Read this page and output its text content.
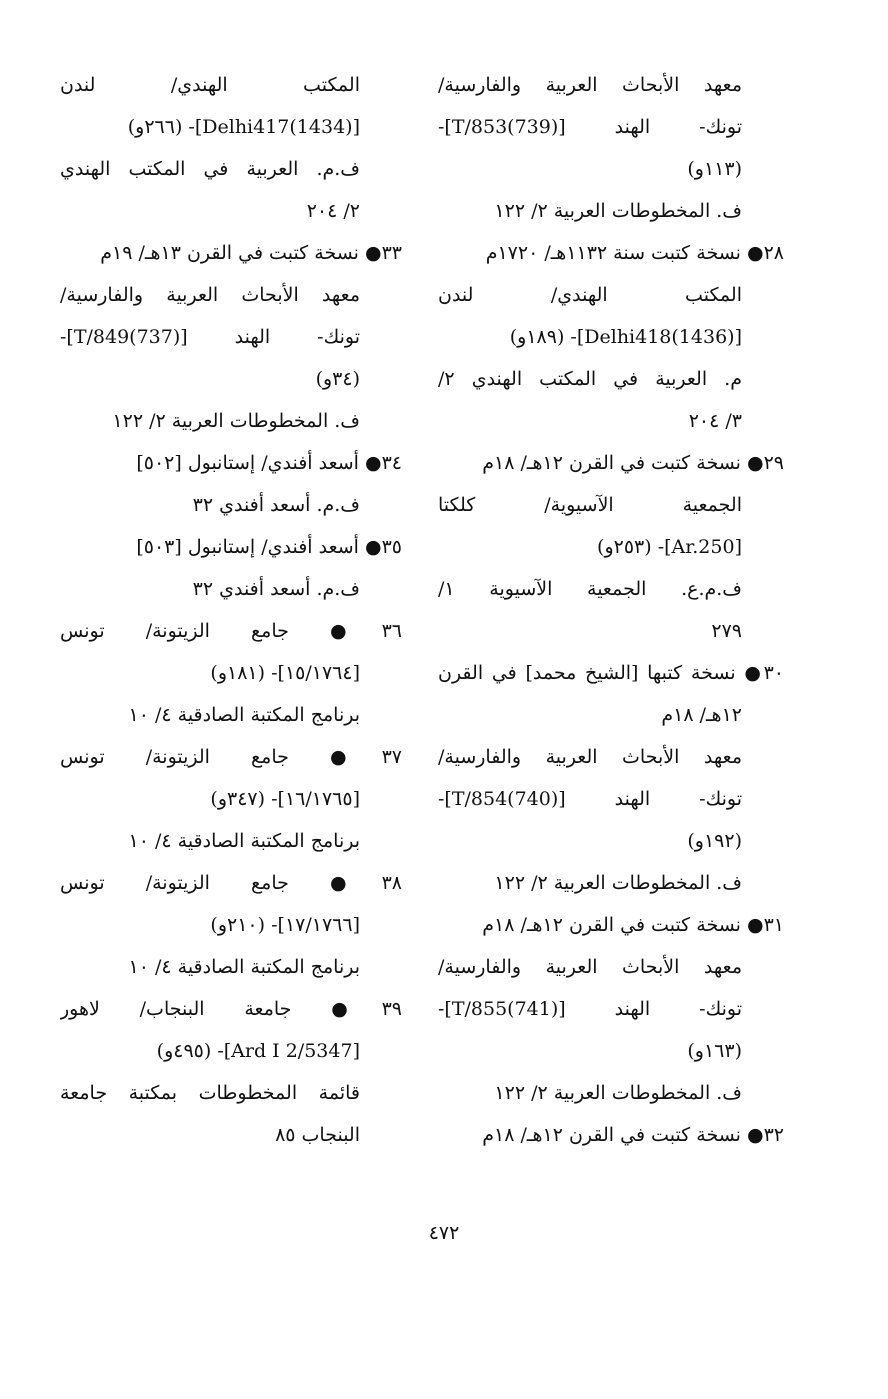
معهد الأبحاث العربية والفارسية/
تونك- الهند [T/853(739)]-
(١١٣و)
ف. المخطوطات العربية ٢/ ١٢٢
٢٨● نسخة كتبت سنة ١١٣٢هـ/ ١٧٢٠م
المكتب الهندي/ لندن
[Delhi418(1436)]- (١٨٩و)
م. العربية في المكتب الهندي ٢/
٣/ ٢٠٤
٢٩● نسخة كتبت في القرن ١٢هـ/ ١٨م
الجمعية الآسيوية/ كلكتا
[Ar.250]- (٢٥٣و)
ف.م.ع. الجمعية الآسيوية ١/
٢٧٩
٣٠● نسخة كتبها [الشيخ محمد] في القرن
١٢هـ/ ١٨م
معهد الأبحاث العربية والفارسية/
تونك- الهند [T/854(740)]-
(١٩٢و)
ف. المخطوطات العربية ٢/ ١٢٢
٣١● نسخة كتبت في القرن ١٢هـ/ ١٨م
معهد الأبحاث العربية والفارسية/
تونك- الهند [T/855(741)]-
(١٦٣و)
ف. المخطوطات العربية ٢/ ١٢٢
٣٢● نسخة كتبت في القرن ١٢هـ/ ١٨م
المكتب الهندي/ لندن
[Delhi417(1434)]- (٢٦٦و)
ف.م. العربية في المكتب الهندي
٢/ ٢٠٤
٣٣● نسخة كتبت في القرن ١٣هـ/ ١٩م
معهد الأبحاث العربية والفارسية/
تونك- الهند [T/849(737)]-
(٣٤و)
ف. المخطوطات العربية ٢/ ١٢٢
٣٤● أسعد أفندي/ إستانبول [٥٠٢]
ف.م. أسعد أفندي ٣٢
٣٥● أسعد أفندي/ إستانبول [٥٠٣]
ف.م. أسعد أفندي ٣٢
٣٦● جامع الزيتونة/ تونس
[١٥/١٧٦٤]- (١٨١و)
برنامج المكتبة الصادقية ٤/ ١٠
٣٧● جامع الزيتونة/ تونس
[١٦/١٧٦٥]- (٣٤٧و)
برنامج المكتبة الصادقية ٤/ ١٠
٣٨● جامع الزيتونة/ تونس
[١٧/١٧٦٦]- (٢١٠و)
برنامج المكتبة الصادقية ٤/ ١٠
٣٩● جامعة البنجاب/ لاهور
[Ard I 2/5347]- (٤٩٥و)
قائمة المخطوطات بمكتبة جامعة
البنجاب ٨٥
٤٧٢
